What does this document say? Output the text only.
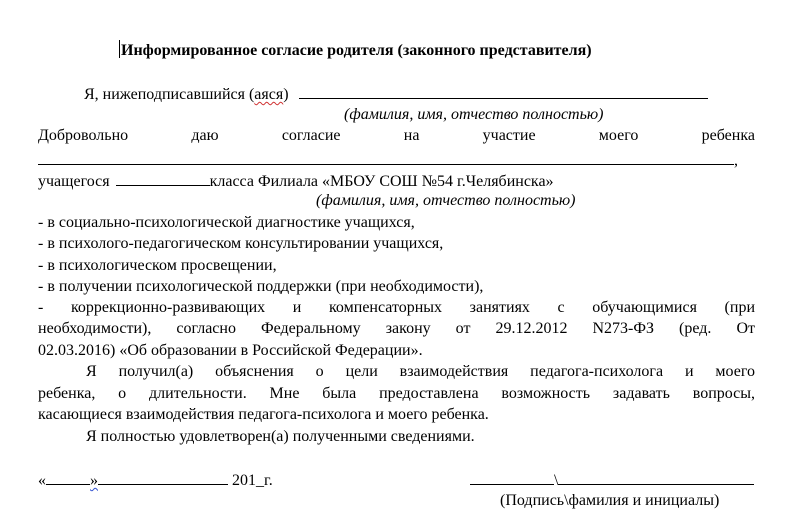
Информированное согласие родителя (законного представителя)
Я, нижеподписавшийся (аяся)
(фамилия, имя, отчество полностью)
Добровольно	даю	согласие	на	участие	моего	ребенка
,
учащегося	класса Филиала «МБОУ СОШ №54 г.Челябинска»
(фамилия, имя, отчество полностью)
- в социально-психологической диагностике учащихся,
- в психолого-педагогическом консультировании учащихся,
- в психологическом просвещении,
- в получении психологической поддержки (при необходимости),
- коррекционно-развивающих и компенсаторных занятиях с обучающимися (при
необходимости), согласно Федеральному закону от 29.12.2012 N273-ФЗ (ред. От
02.03.2016) «Об образовании в Российской Федерации».
Я получил(а) объяснения о цели взаимодействия педагога-психолога и моего
ребенка, о длительности. Мне была предоставлена возможность задавать вопросы,
касающиеся взаимодействия педагога-психолога и моего ребенка.
Я полностью удовлетворен(а) полученными сведениями.
«	»	201_г.	\
(Подпись\фамилия и инициалы)
